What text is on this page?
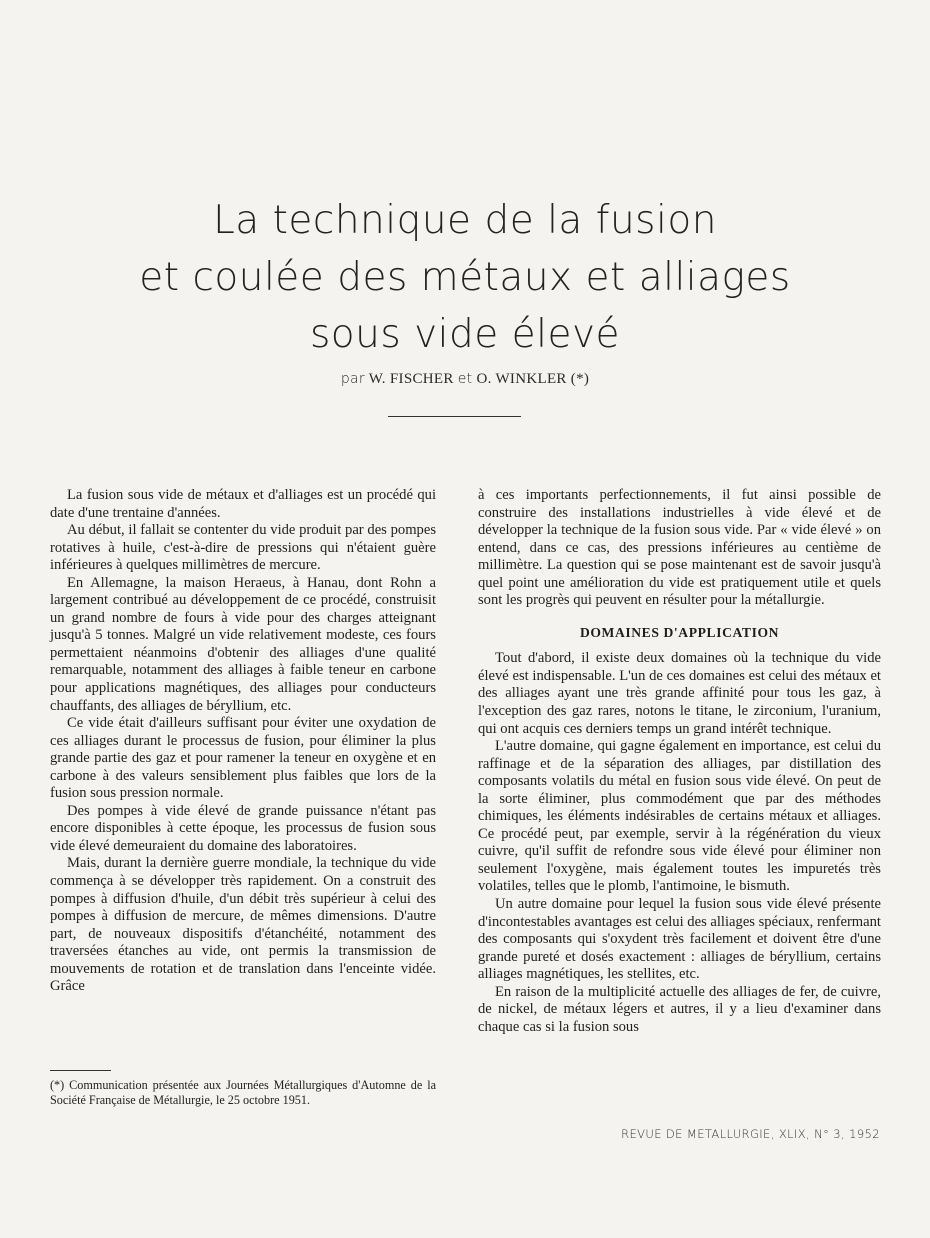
La technique de la fusion
et coulée des métaux et alliages
sous vide élevé
par W. FISCHER et O. WINKLER (*)

La fusion sous vide de métaux et d'alliages est un procédé qui date d'une trentaine d'années.

Au début, il fallait se contenter du vide produit par des pompes rotatives à huile, c'est-à-dire de pressions qui n'étaient guère inférieures à quelques millimètres de mercure.

En Allemagne, la maison Heraeus, à Hanau, dont Rohn a largement contribué au développement de ce procédé, construisit un grand nombre de fours à vide pour des charges atteignant jusqu'à 5 tonnes. Malgré un vide relativement modeste, ces fours permettaient néanmoins d'obtenir des alliages d'une qualité remarquable, notamment des alliages à faible teneur en carbone pour applications magnétiques, des alliages pour conducteurs chauffants, des alliages de béryllium, etc.

Ce vide était d'ailleurs suffisant pour éviter une oxydation de ces alliages durant le processus de fusion, pour éliminer la plus grande partie des gaz et pour ramener la teneur en oxygène et en carbone à des valeurs sensiblement plus faibles que lors de la fusion sous pression normale.

Des pompes à vide élevé de grande puissance n'étant pas encore disponibles à cette époque, les processus de fusion sous vide élevé demeuraient du domaine des laboratoires.

Mais, durant la dernière guerre mondiale, la technique du vide commença à se développer très rapidement. On a construit des pompes à diffusion d'huile, d'un débit très supérieur à celui des pompes à diffusion de mercure, de mêmes dimensions. D'autre part, de nouveaux dispositifs d'étanchéité, notamment des traversées étanches au vide, ont permis la transmission de mouvements de rotation et de translation dans l'enceinte vidée. Grâce

(*) Communication présentée aux Journées Métallurgiques d'Automne de la Société Française de Métallurgie, le 25 octobre 1951.

à ces importants perfectionnements, il fut ainsi possible de construire des installations industrielles à vide élevé et de développer la technique de la fusion sous vide. Par « vide élevé » on entend, dans ce cas, des pressions inférieures au centième de millimètre. La question qui se pose maintenant est de savoir jusqu'à quel point une amélioration du vide est pratiquement utile et quels sont les progrès qui peuvent en résulter pour la métallurgie.

DOMAINES D'APPLICATION

Tout d'abord, il existe deux domaines où la technique du vide élevé est indispensable. L'un de ces domaines est celui des métaux et des alliages ayant une très grande affinité pour tous les gaz, à l'exception des gaz rares, notons le titane, le zirconium, l'uranium, qui ont acquis ces derniers temps un grand intérêt technique.

L'autre domaine, qui gagne également en importance, est celui du raffinage et de la séparation des alliages, par distillation des composants volatils du métal en fusion sous vide élevé. On peut de la sorte éliminer, plus commodément que par des méthodes chimiques, les éléments indésirables de certains métaux et alliages. Ce procédé peut, par exemple, servir à la régénération du vieux cuivre, qu'il suffit de refondre sous vide élevé pour éliminer non seulement l'oxygène, mais également toutes les impuretés très volatiles, telles que le plomb, l'antimoine, le bismuth.

Un autre domaine pour lequel la fusion sous vide élevé présente d'incontestables avantages est celui des alliages spéciaux, renfermant des composants qui s'oxydent très facilement et doivent être d'une grande pureté et dosés exactement : alliages de béryllium, certains alliages magnétiques, les stellites, etc.

En raison de la multiplicité actuelle des alliages de fer, de cuivre, de nickel, de métaux légers et autres, il y a lieu d'examiner dans chaque cas si la fusion sous

REVUE DE METALLURGIE, XLIX, N° 3, 1952
